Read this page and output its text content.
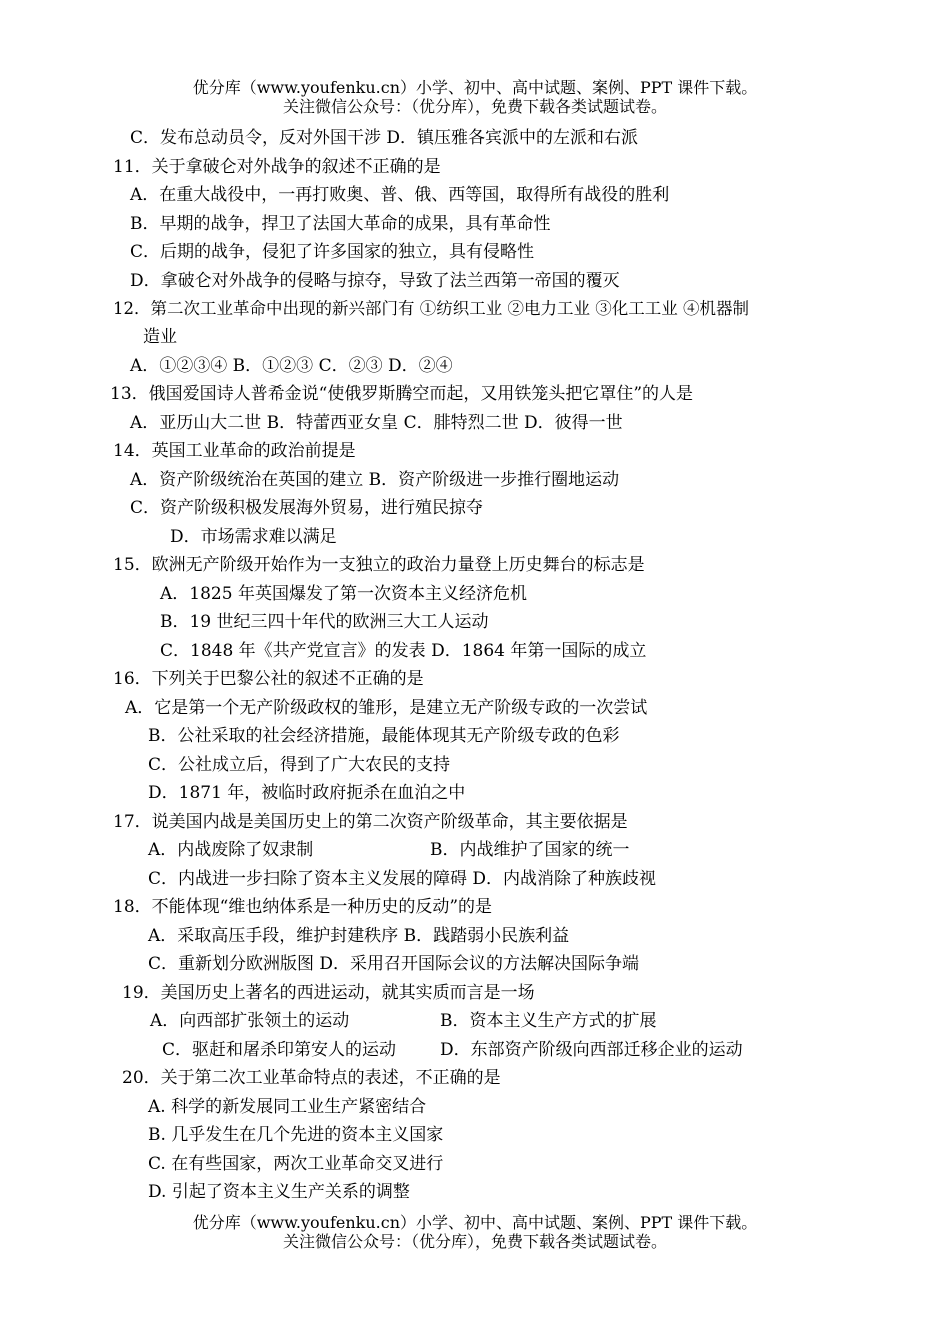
优分库（www.youfenku.cn）小学、初中、高中试题、案例、PPT 课件下载。
关注微信公众号：（优分库），免费下载各类试题试卷。
C．发布总动员令，反对外国干涉 D．镇压雅各宾派中的左派和右派
11．关于拿破仑对外战争的叙述不正确的是
A．在重大战役中，一再打败奥、普、俄、西等国，取得所有战役的胜利
B．早期的战争，捍卫了法国大革命的成果，具有革命性
C．后期的战争，侵犯了许多国家的独立，具有侵略性
D．拿破仑对外战争的侵略与掠夺，导致了法兰西第一帝国的覆灭
12．第二次工业革命中出现的新兴部门有 ①纺织工业 ②电力工业 ③化工工业 ④机器制
造业
A．①②③④ B．①②③ C．②③ D．②④
13．俄国爱国诗人普希金说“使俄罗斯腾空而起，又用铁笼头把它罩住”的人是
A．亚历山大二世 B．特蕾西亚女皇 C．腓特烈二世 D．彼得一世
14．英国工业革命的政治前提是
A．资产阶级统治在英国的建立 B．资产阶级进一步推行圈地运动
C．资产阶级积极发展海外贸易，进行殖民掠夺
D．市场需求难以满足
15．欧洲无产阶级开始作为一支独立的政治力量登上历史舞台的标志是
A．1825 年英国爆发了第一次资本主义经济危机
B．19 世纪三四十年代的欧洲三大工人运动
C．1848 年《共产党宣言》的发表 D．1864 年第一国际的成立
16．下列关于巴黎公社的叙述不正确的是
A．它是第一个无产阶级政权的雏形，是建立无产阶级专政的一次尝试
B．公社采取的社会经济措施，最能体现其无产阶级专政的色彩
C．公社成立后，得到了广大农民的支持
D．1871 年，被临时政府扼杀在血泊之中
17．说美国内战是美国历史上的第二次资产阶级革命，其主要依据是
A．内战废除了奴隶制	B．内战维护了国家的统一
C．内战进一步扫除了资本主义发展的障碍 D．内战消除了种族歧视
18．不能体现“维也纳体系是一种历史的反动”的是
A．采取高压手段，维护封建秩序 B．践踏弱小民族利益
C．重新划分欧洲版图 D．采用召开国际会议的方法解决国际争端
19．美国历史上著名的西进运动，就其实质而言是一场
A．向西部扩张领土的运动	B．资本主义生产方式的扩展
C．驱赶和屠杀印第安人的运动	D．东部资产阶级向西部迁移企业的运动
20．关于第二次工业革命特点的表述，不正确的是
A. 科学的新发展同工业生产紧密结合
B. 几乎发生在几个先进的资本主义国家
C. 在有些国家，两次工业革命交叉进行
D. 引起了资本主义生产关系的调整
优分库（www.youfenku.cn）小学、初中、高中试题、案例、PPT 课件下载。
关注微信公众号：（优分库），免费下载各类试题试卷。
